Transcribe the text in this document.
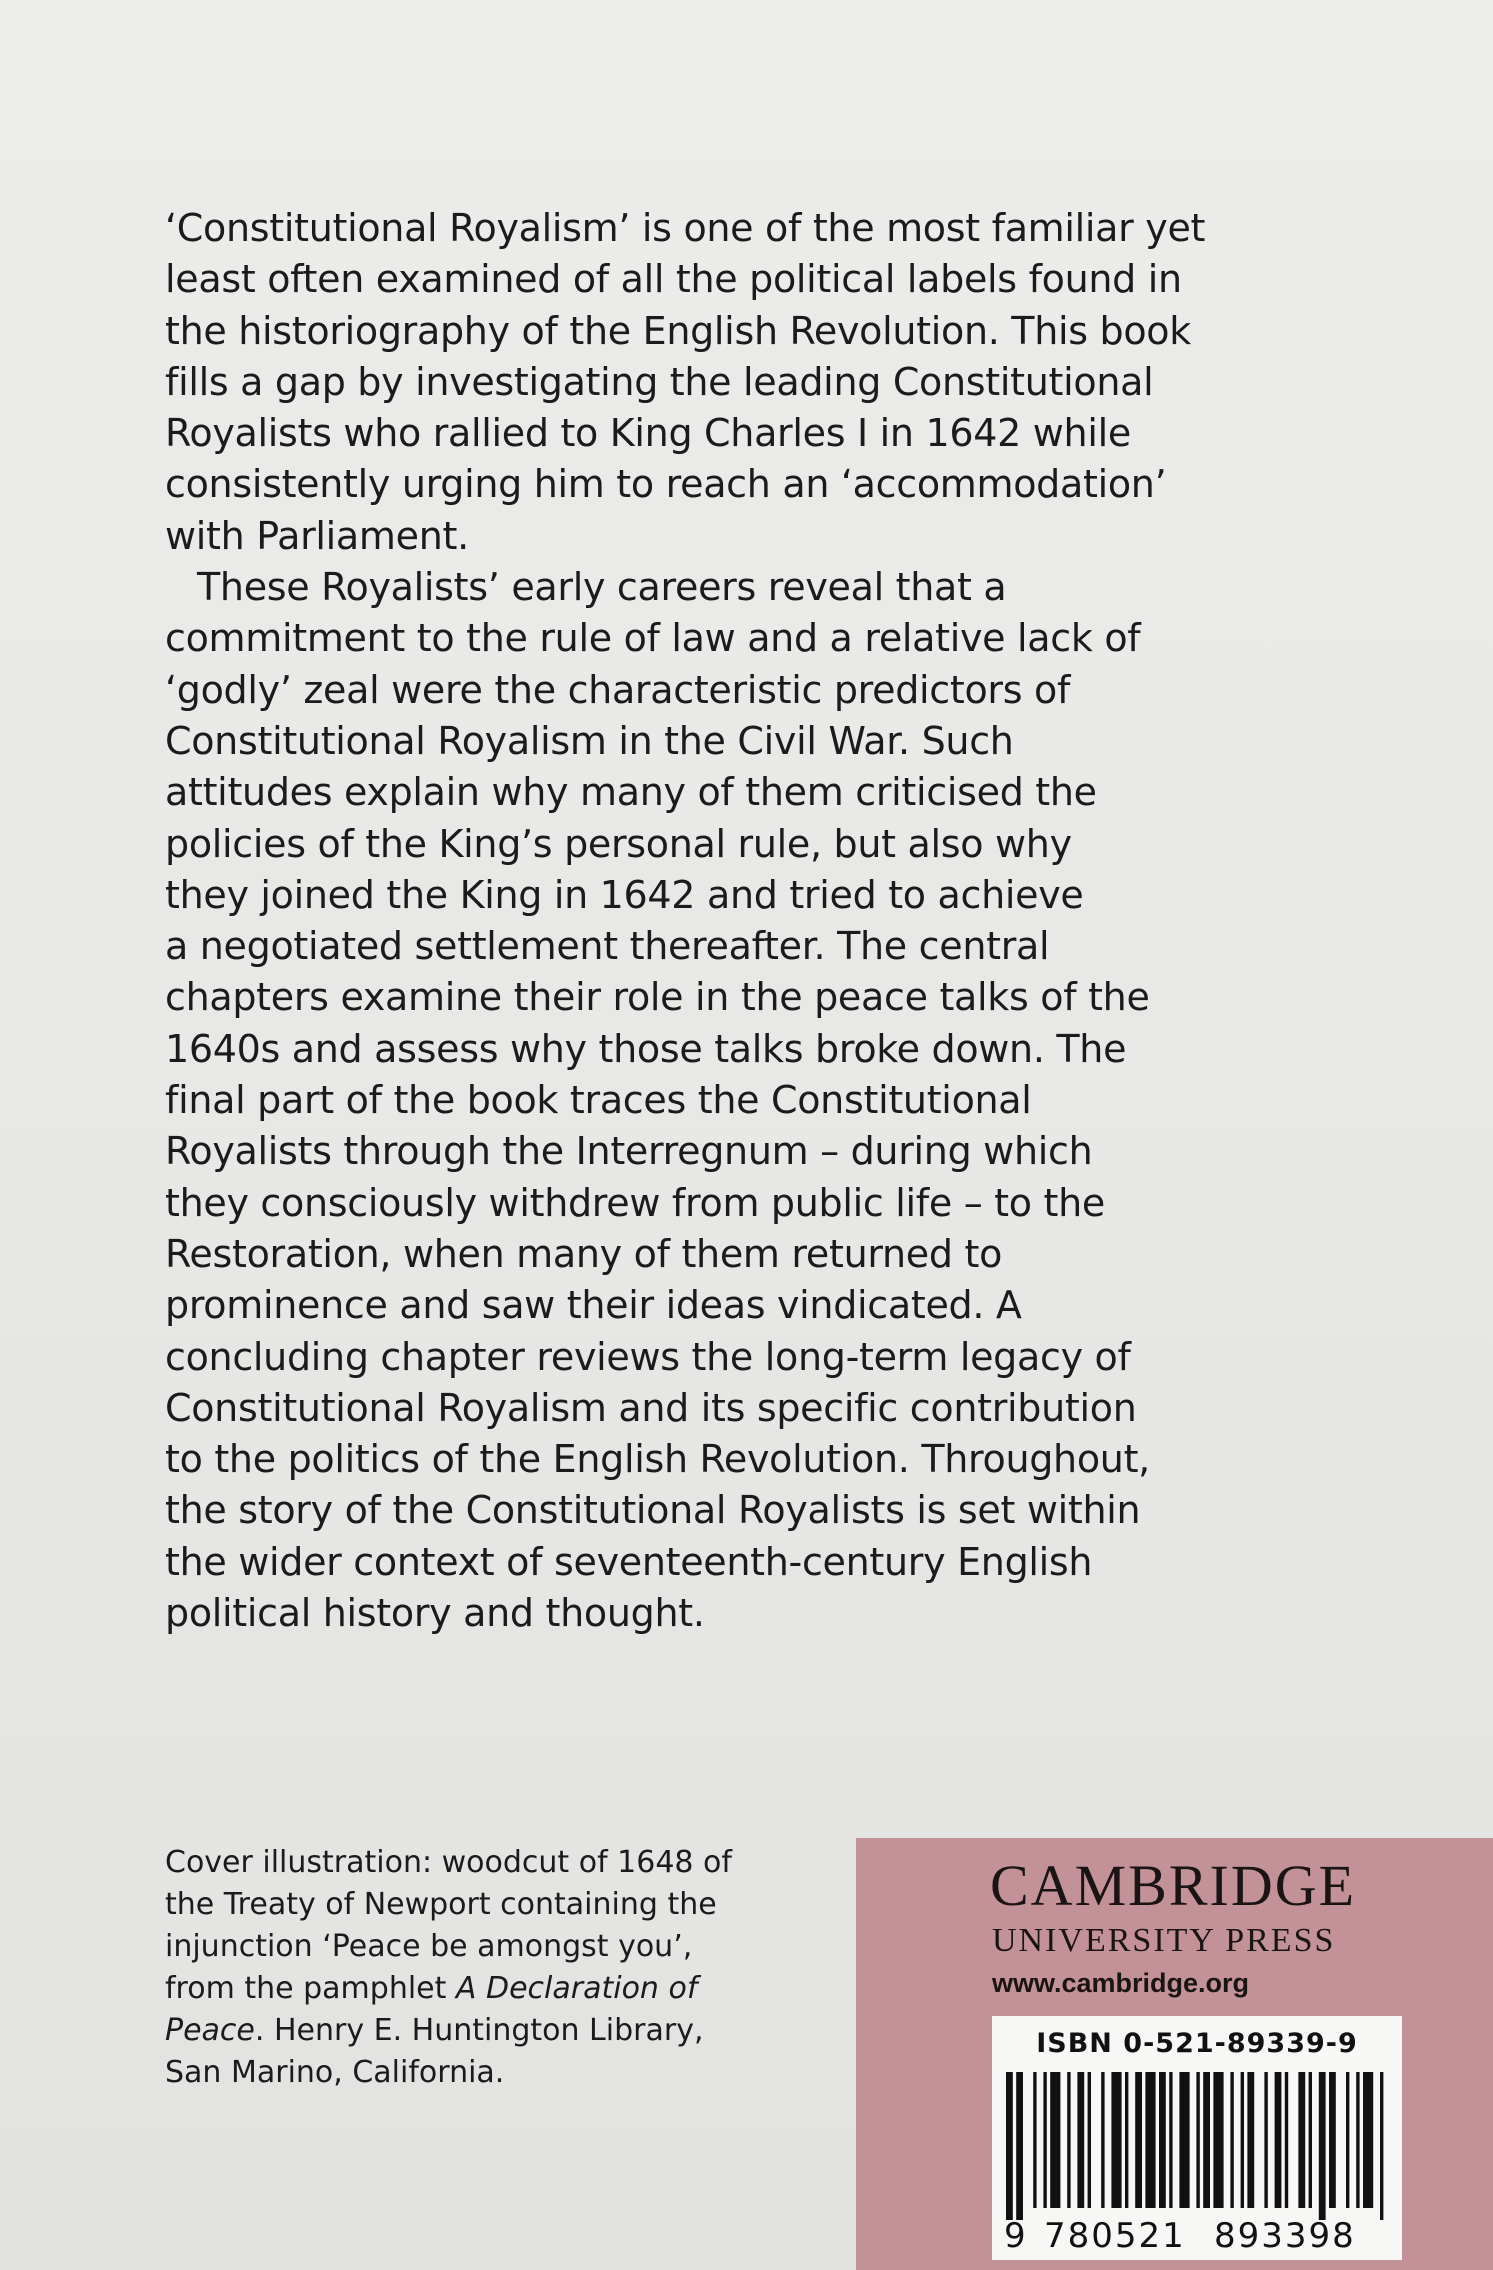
‘Constitutional Royalism’ is one of the most familiar yet
least often examined of all the political labels found in
the historiography of the English Revolution. This book
fills a gap by investigating the leading Constitutional
Royalists who rallied to King Charles I in 1642 while
consistently urging him to reach an ‘accommodation’
with Parliament.

These Royalists’ early careers reveal that a
commitment to the rule of law and a relative lack of
‘godly’ zeal were the characteristic predictors of
Constitutional Royalism in the Civil War. Such
attitudes explain why many of them criticised the
policies of the King’s personal rule, but also why
they joined the King in 1642 and tried to achieve
a negotiated settlement thereafter. The central
chapters examine their role in the peace talks of the
1640s and assess why those talks broke down. The
final part of the book traces the Constitutional
Royalists through the Interregnum – during which
they consciously withdrew from public life – to the
Restoration, when many of them returned to
prominence and saw their ideas vindicated. A
concluding chapter reviews the long-term legacy of
Constitutional Royalism and its specific contribution
to the politics of the English Revolution. Throughout,
the story of the Constitutional Royalists is set within
the wider context of seventeenth-century English
political history and thought.

Cover illustration: woodcut of 1648 of
the Treaty of Newport containing the
injunction ‘Peace be amongst you’,
from the pamphlet A Declaration of
Peace. Henry E. Huntington Library,
San Marino, California.
CAMBRIDGE
UNIVERSITY PRESS
www.cambridge.org
ISBN 0-521-89339-9
9 780521 893398
